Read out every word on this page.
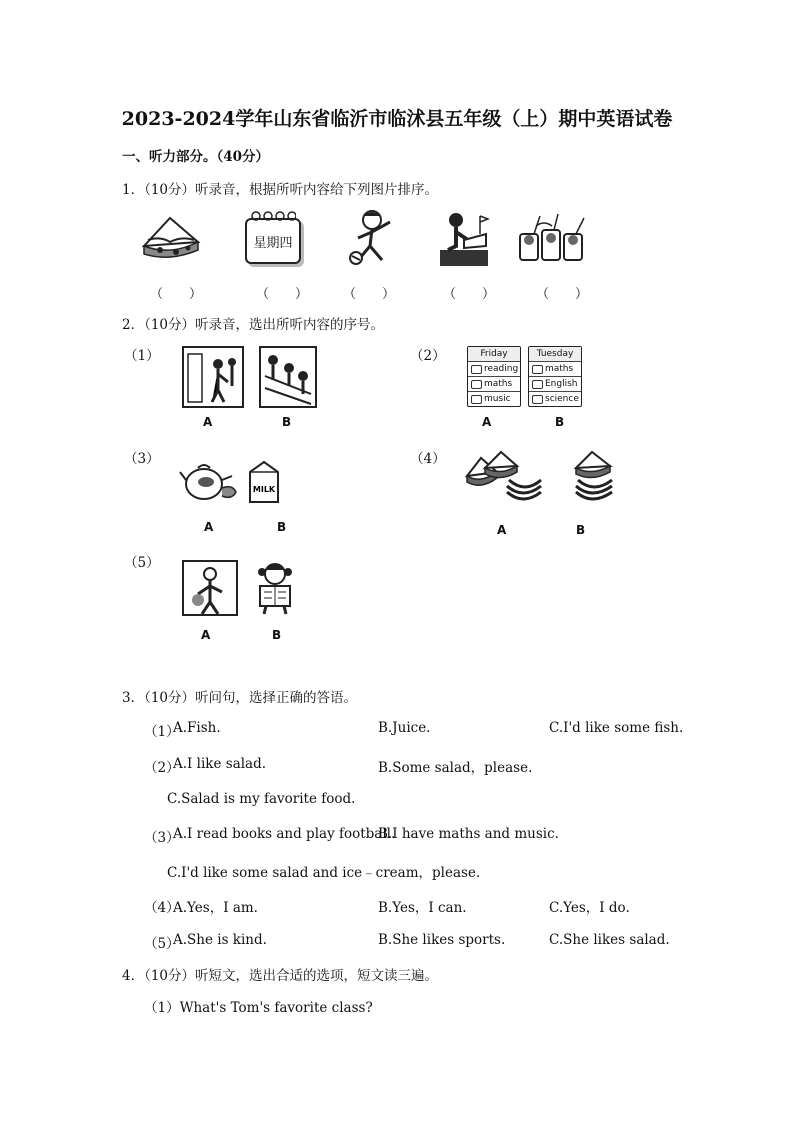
2023-2024学年山东省临沂市临沭县五年级（上）期中英语试卷
一、听力部分。（40分）
1．（10分）听录音，根据所听内容给下列图片排序。
星期四
（　　）	（　　）	（　　）	（　　）	（　　）
2．（10分）听录音，选出所听内容的序号。
（1）
A	B
（2）	Friday
reading
maths
music
Tuesday
maths
English
science
A	B
（3）
MILK
A	B
（4）
A	B
（5）
A	B
3．（10分）听问句，选择正确的答语。
（1）
A.Fish.	B.Juice.	C.I'd like some fish.
（2）
A.I like salad.	B.Some salad，please.
C.Salad is my favorite food.
（3）
A.I read books and play football.
B.I have maths and music.
C.I'd like some salad and ice﹣cream，please.
（4）
A.Yes，I am.	B.Yes，I can.	C.Yes，I do.
（5）
A.She is kind.	B.She likes sports.	C.She likes salad.
4．（10分）听短文，选出合适的选项，短文读三遍。
（1）What's Tom's favorite class?
